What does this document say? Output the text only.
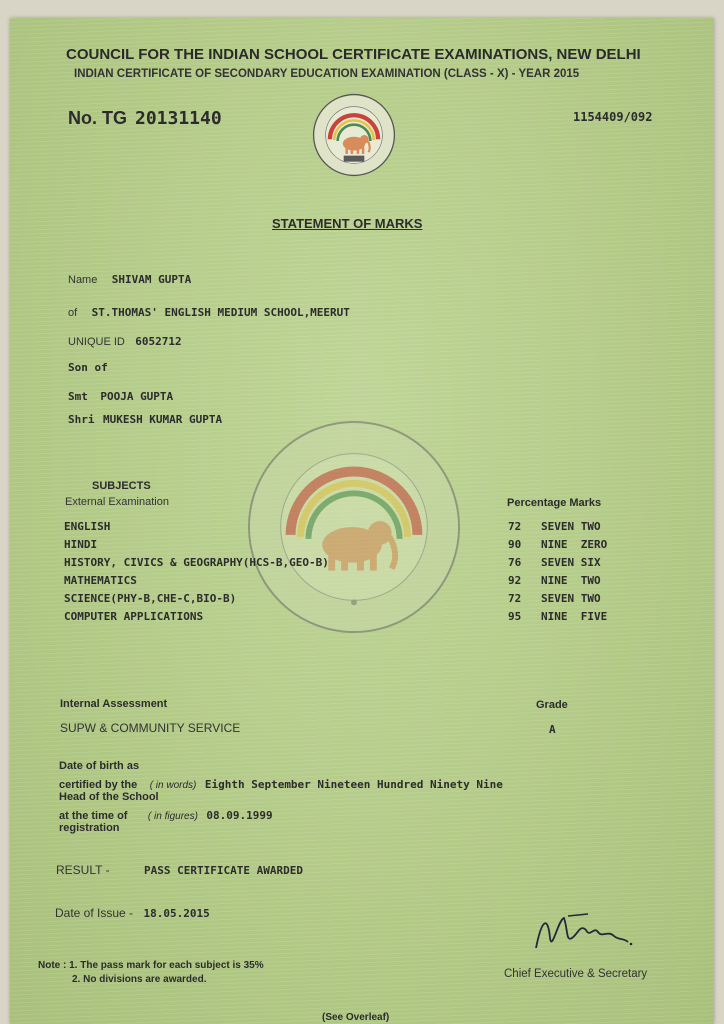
COUNCIL FOR THE INDIAN SCHOOL CERTIFICATE EXAMINATIONS, NEW DELHI
INDIAN CERTIFICATE OF SECONDARY EDUCATION EXAMINATION (CLASS - X) - YEAR 2015
No. TG 20131140	1154409/092
STATEMENT OF MARKS
Name SHIVAM GUPTA
of ST.THOMAS' ENGLISH MEDIUM SCHOOL,MEERUT
UNIQUE ID 6052712
Son of
Smt POOJA GUPTA
Shri MUKESH KUMAR GUPTA
SUBJECTS
External Examination	Percentage Marks
ENGLISH	72 SEVEN TWO
HINDI	90 NINE  ZERO
HISTORY, CIVICS & GEOGRAPHY(HCS-B,GEO-B)	76 SEVEN SIX
MATHEMATICS	92 NINE  TWO
SCIENCE(PHY-B,CHE-C,BIO-B)	72 SEVEN TWO
COMPUTER APPLICATIONS	95 NINE  FIVE
Internal Assessment	Grade
SUPW & COMMUNITY SERVICE	A
Date of birth as
certified by the ( in words) Eighth September Nineteen Hundred Ninety Nine
Head of the School
at the time of ( in figures) 08.09.1999
registration
RESULT -	PASS CERTIFICATE AWARDED
Date of Issue - 18.05.2015
Chief Executive & Secretary
Note : 1. The pass mark for each subject is 35%
2. No divisions are awarded.
(See Overleaf)
